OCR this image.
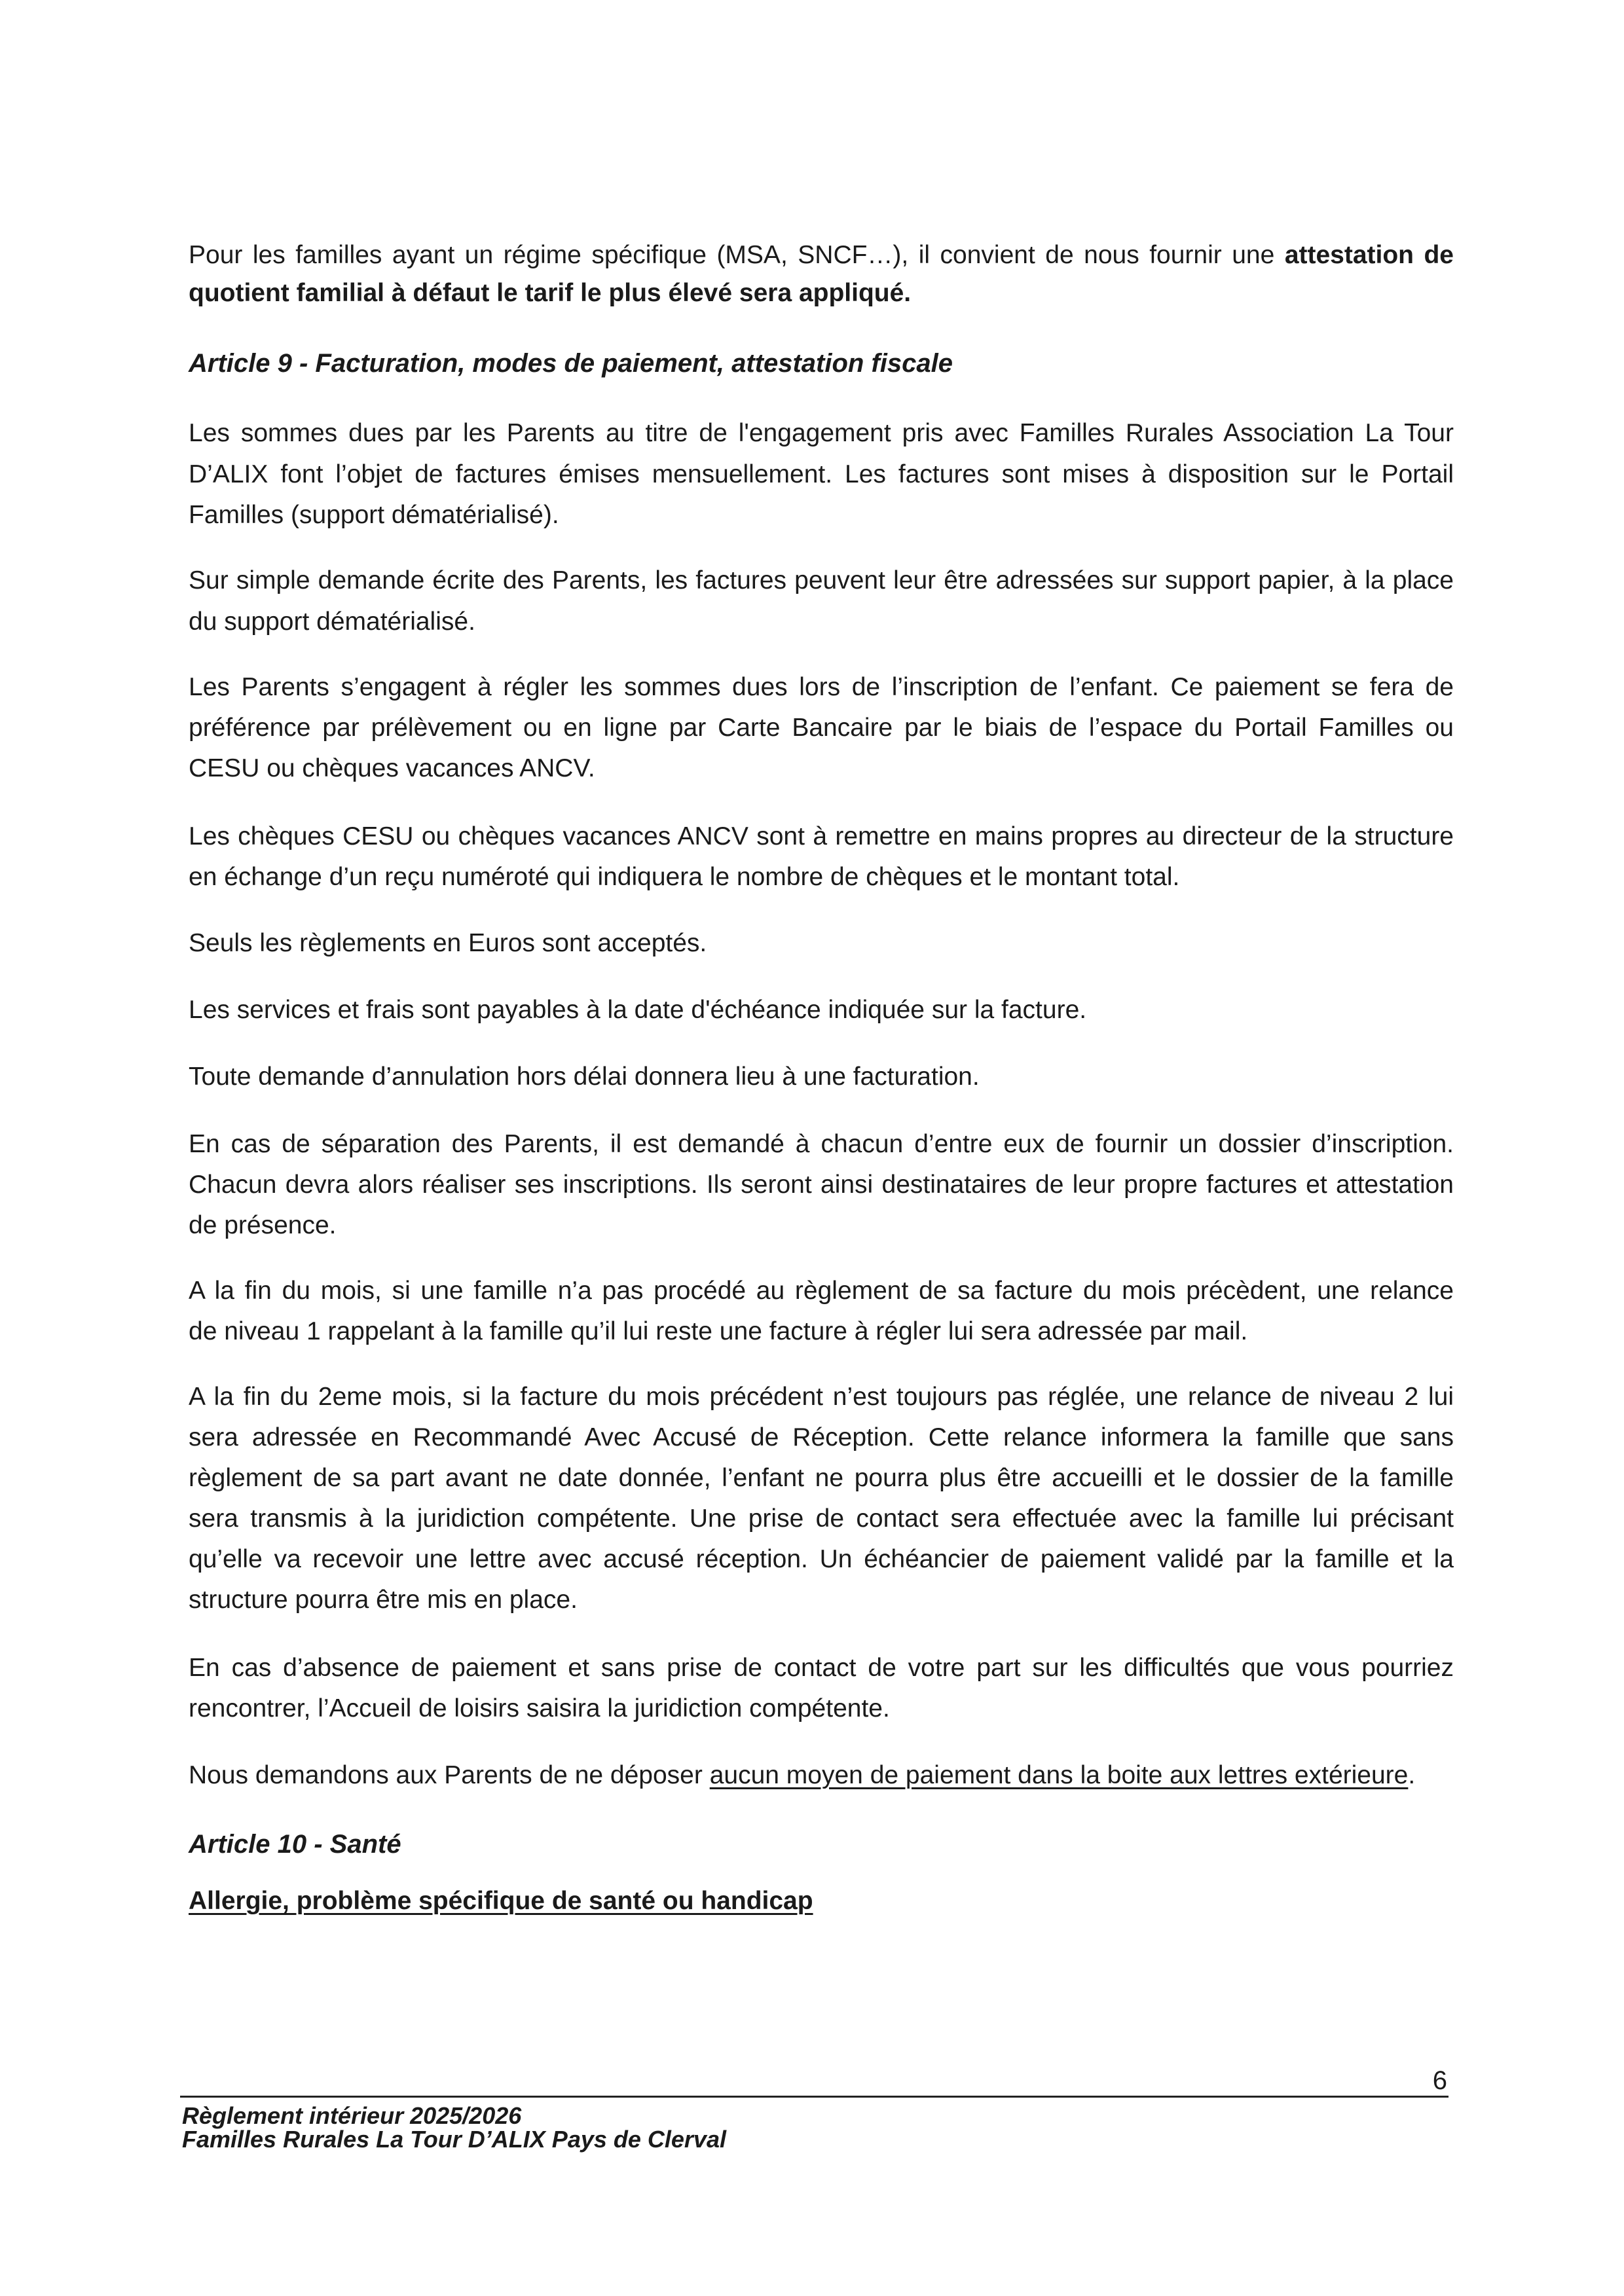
Pour les familles ayant un régime spécifique (MSA, SNCF…), il convient de nous fournir une attestation de
quotient familial à défaut le tarif le plus élevé sera appliqué.
Article 9 - Facturation, modes de paiement, attestation fiscale
Les sommes dues par les Parents au titre de l'engagement pris avec Familles Rurales Association La Tour
D’ALIX font l’objet de factures émises mensuellement. Les factures sont mises à disposition sur le Portail
Familles (support dématérialisé).
Sur simple demande écrite des Parents, les factures peuvent leur être adressées sur support papier, à la place
du support dématérialisé.
Les Parents s’engagent à régler les sommes dues lors de l’inscription de l’enfant. Ce paiement se fera de
préférence par prélèvement ou en ligne par Carte Bancaire par le biais de l’espace du Portail Familles ou
CESU ou chèques vacances ANCV.
Les chèques CESU ou chèques vacances ANCV sont à remettre en mains propres au directeur de la structure
en échange d’un reçu numéroté qui indiquera le nombre de chèques et le montant total.
Seuls les règlements en Euros sont acceptés.
Les services et frais sont payables à la date d'échéance indiquée sur la facture.
Toute demande d’annulation hors délai donnera lieu à une facturation.
En cas de séparation des Parents, il est demandé à chacun d’entre eux de fournir un dossier d’inscription.
Chacun devra alors réaliser ses inscriptions. Ils seront ainsi destinataires de leur propre factures et attestation
de présence.
A la fin du mois, si une famille n’a pas procédé au règlement de sa facture du mois précèdent, une relance
de niveau 1 rappelant à la famille qu’il lui reste une facture à régler lui sera adressée par mail.
A la fin du 2eme mois, si la facture du mois précédent n’est toujours pas réglée, une relance de niveau 2 lui
sera adressée en Recommandé Avec Accusé de Réception. Cette relance informera la famille que sans
règlement de sa part avant ne date donnée, l’enfant ne pourra plus être accueilli et le dossier de la famille
sera transmis à la juridiction compétente. Une prise de contact sera effectuée avec la famille lui précisant
qu’elle va recevoir une lettre avec accusé réception. Un échéancier de paiement validé par la famille et la
structure pourra être mis en place.
En cas d’absence de paiement et sans prise de contact de votre part sur les difficultés que vous pourriez
rencontrer, l’Accueil de loisirs saisira la juridiction compétente.
Nous demandons aux Parents de ne déposer aucun moyen de paiement dans la boite aux lettres extérieure.
Article 10 - Santé
Allergie, problème spécifique de santé ou handicap
6
Règlement intérieur 2025/2026
Familles Rurales La Tour D’ALIX Pays de Clerval
